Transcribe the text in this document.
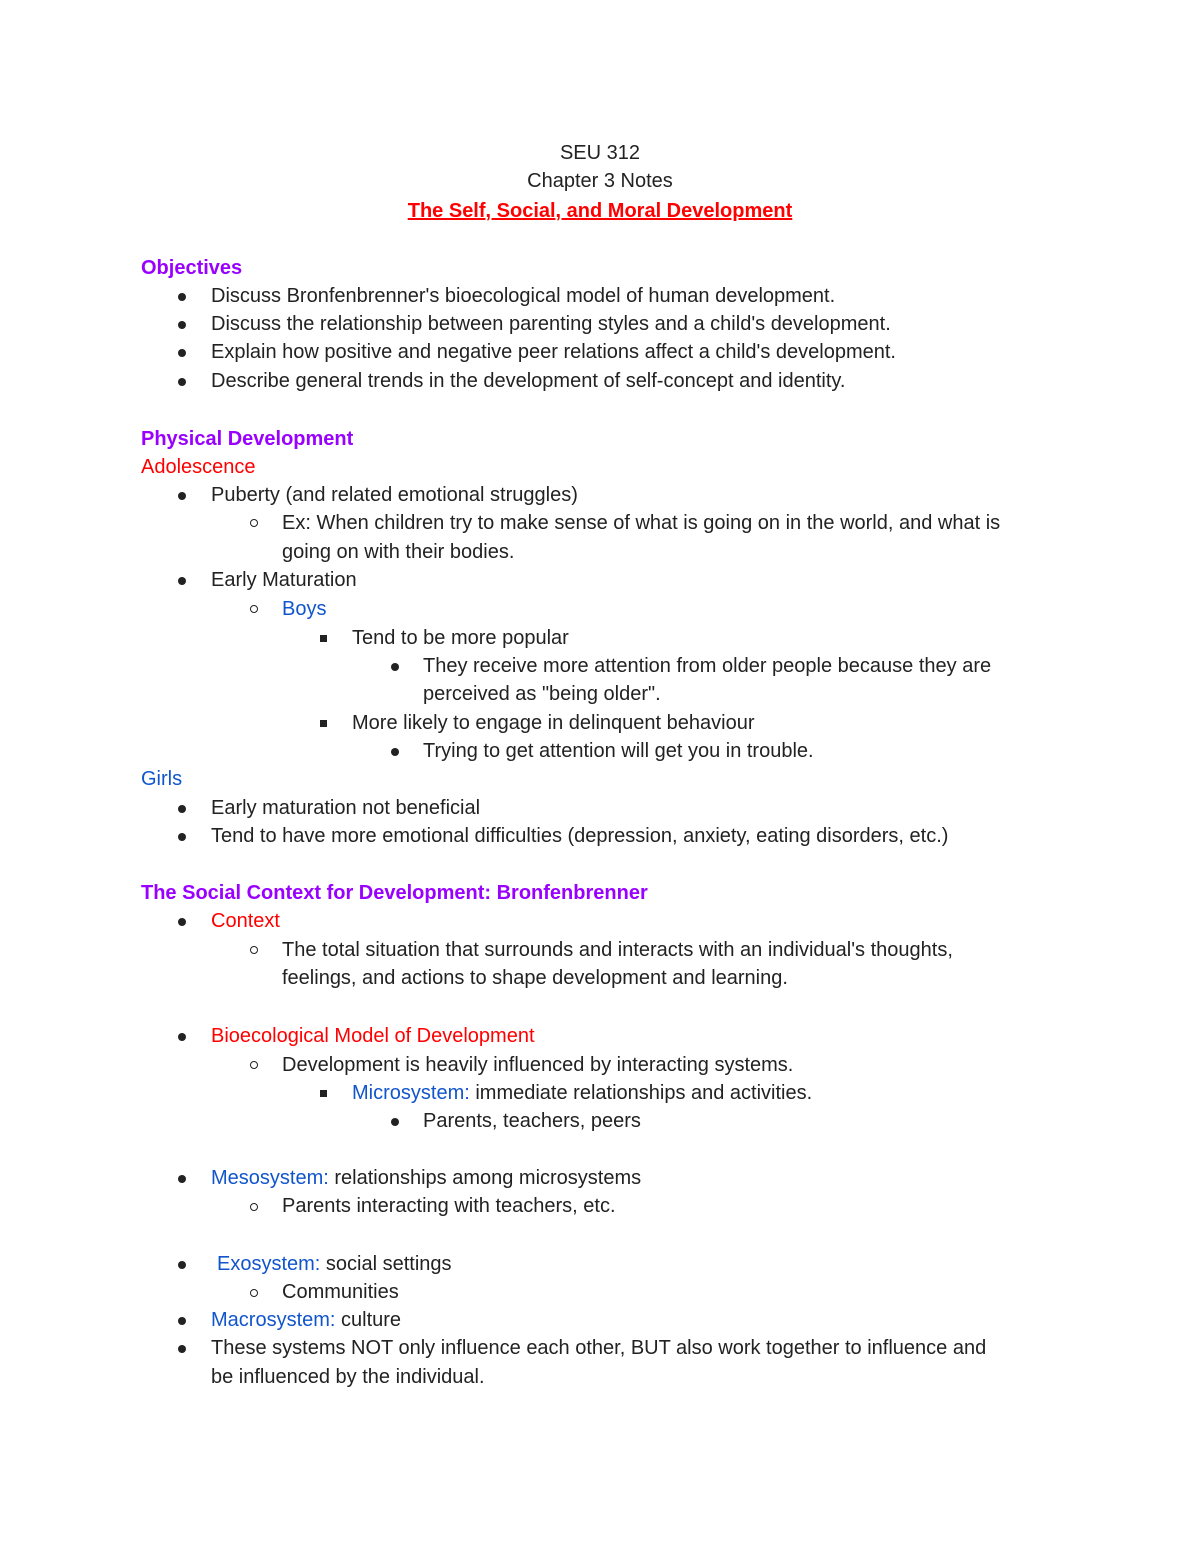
SEU 312
Chapter 3 Notes
The Self, Social, and Moral Development
Objectives
Discuss Bronfenbrenner's bioecological model of human development.
Discuss the relationship between parenting styles and a child's development.
Explain how positive and negative peer relations affect a child's development.
Describe general trends in the development of self-concept and identity.
Physical Development
Adolescence
Puberty (and related emotional struggles)
Ex: When children try to make sense of what is going on in the world, and what is
going on with their bodies.
Early Maturation
Boys
Tend to be more popular
They receive more attention from older people because they are
perceived as "being older".
More likely to engage in delinquent behaviour
Trying to get attention will get you in trouble.
Girls
Early maturation not beneficial
Tend to have more emotional difficulties (depression, anxiety, eating disorders, etc.)
The Social Context for Development: Bronfenbrenner
Context
The total situation that surrounds and interacts with an individual's thoughts,
feelings, and actions to shape development and learning.
Bioecological Model of Development
Development is heavily influenced by interacting systems.
Microsystem: immediate relationships and activities.
Parents, teachers, peers
Mesosystem: relationships among microsystems
Parents interacting with teachers, etc.
Exosystem: social settings
Communities
Macrosystem: culture
These systems NOT only influence each other, BUT also work together to influence and
be influenced by the individual.
